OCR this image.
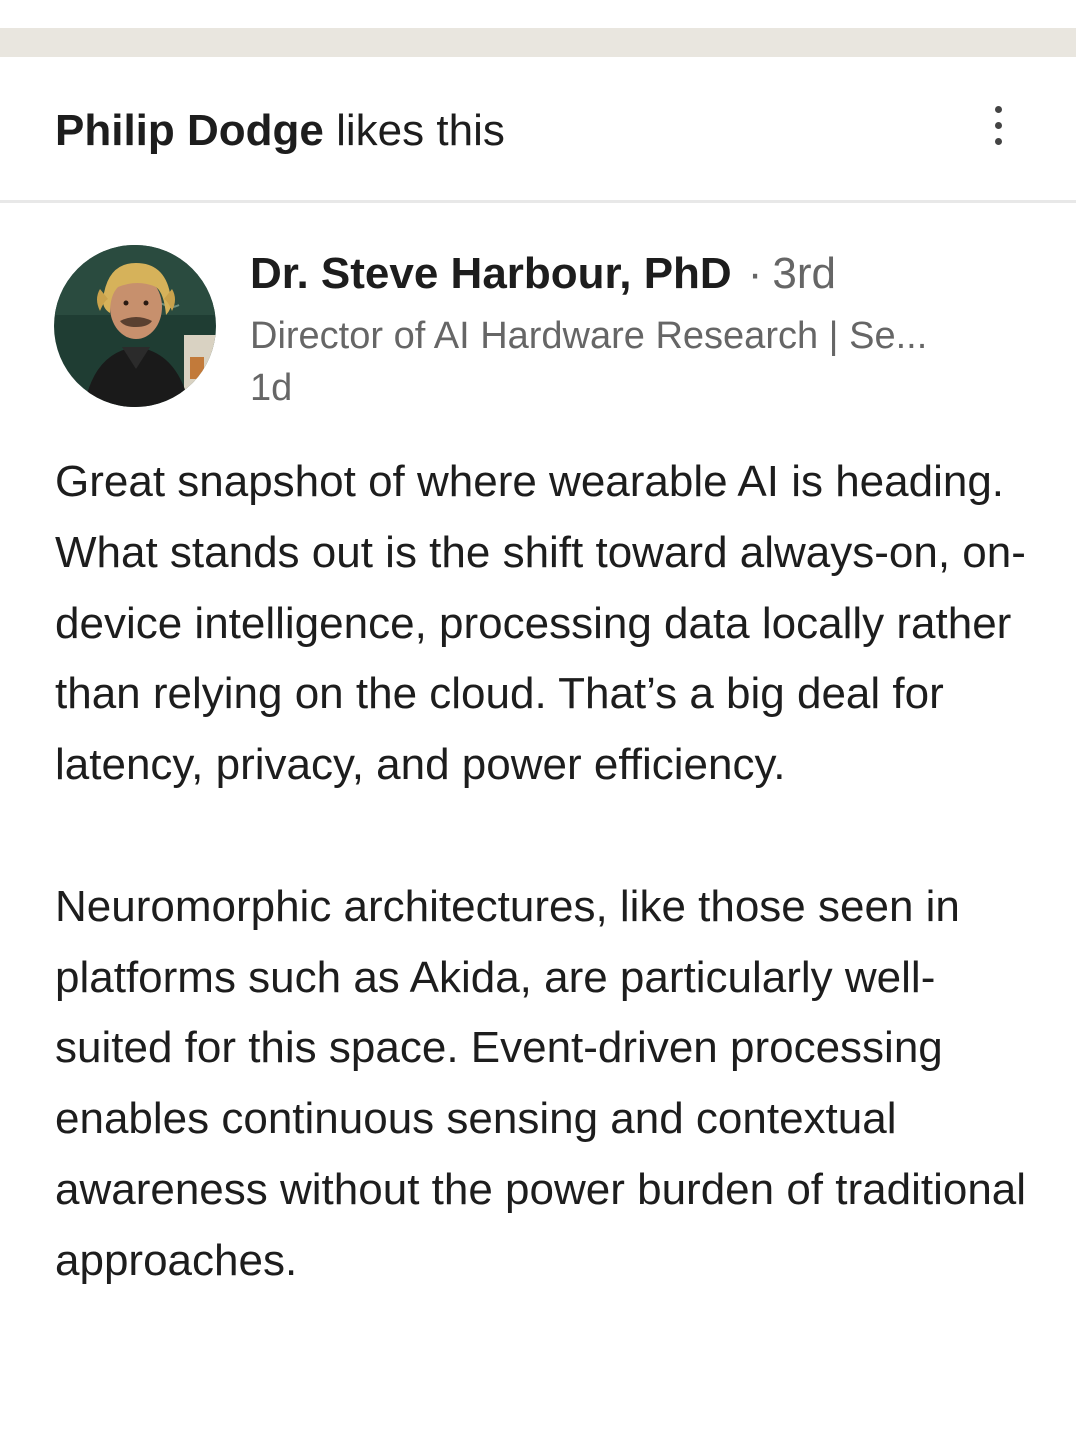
Philip Dodge likes this
Dr. Steve Harbour, PhD · 3rd
Director of AI Hardware Research | Se...
1d

Great snapshot of where wearable AI is heading. What stands out is the shift toward always-on, on-device intelligence, processing data locally rather than relying on the cloud. That’s a big deal for latency, privacy, and power efficiency.

Neuromorphic architectures, like those seen in platforms such as Akida, are particularly well-suited for this space. Event-driven processing enables continuous sensing and contextual awareness without the power burden of traditional approaches.
